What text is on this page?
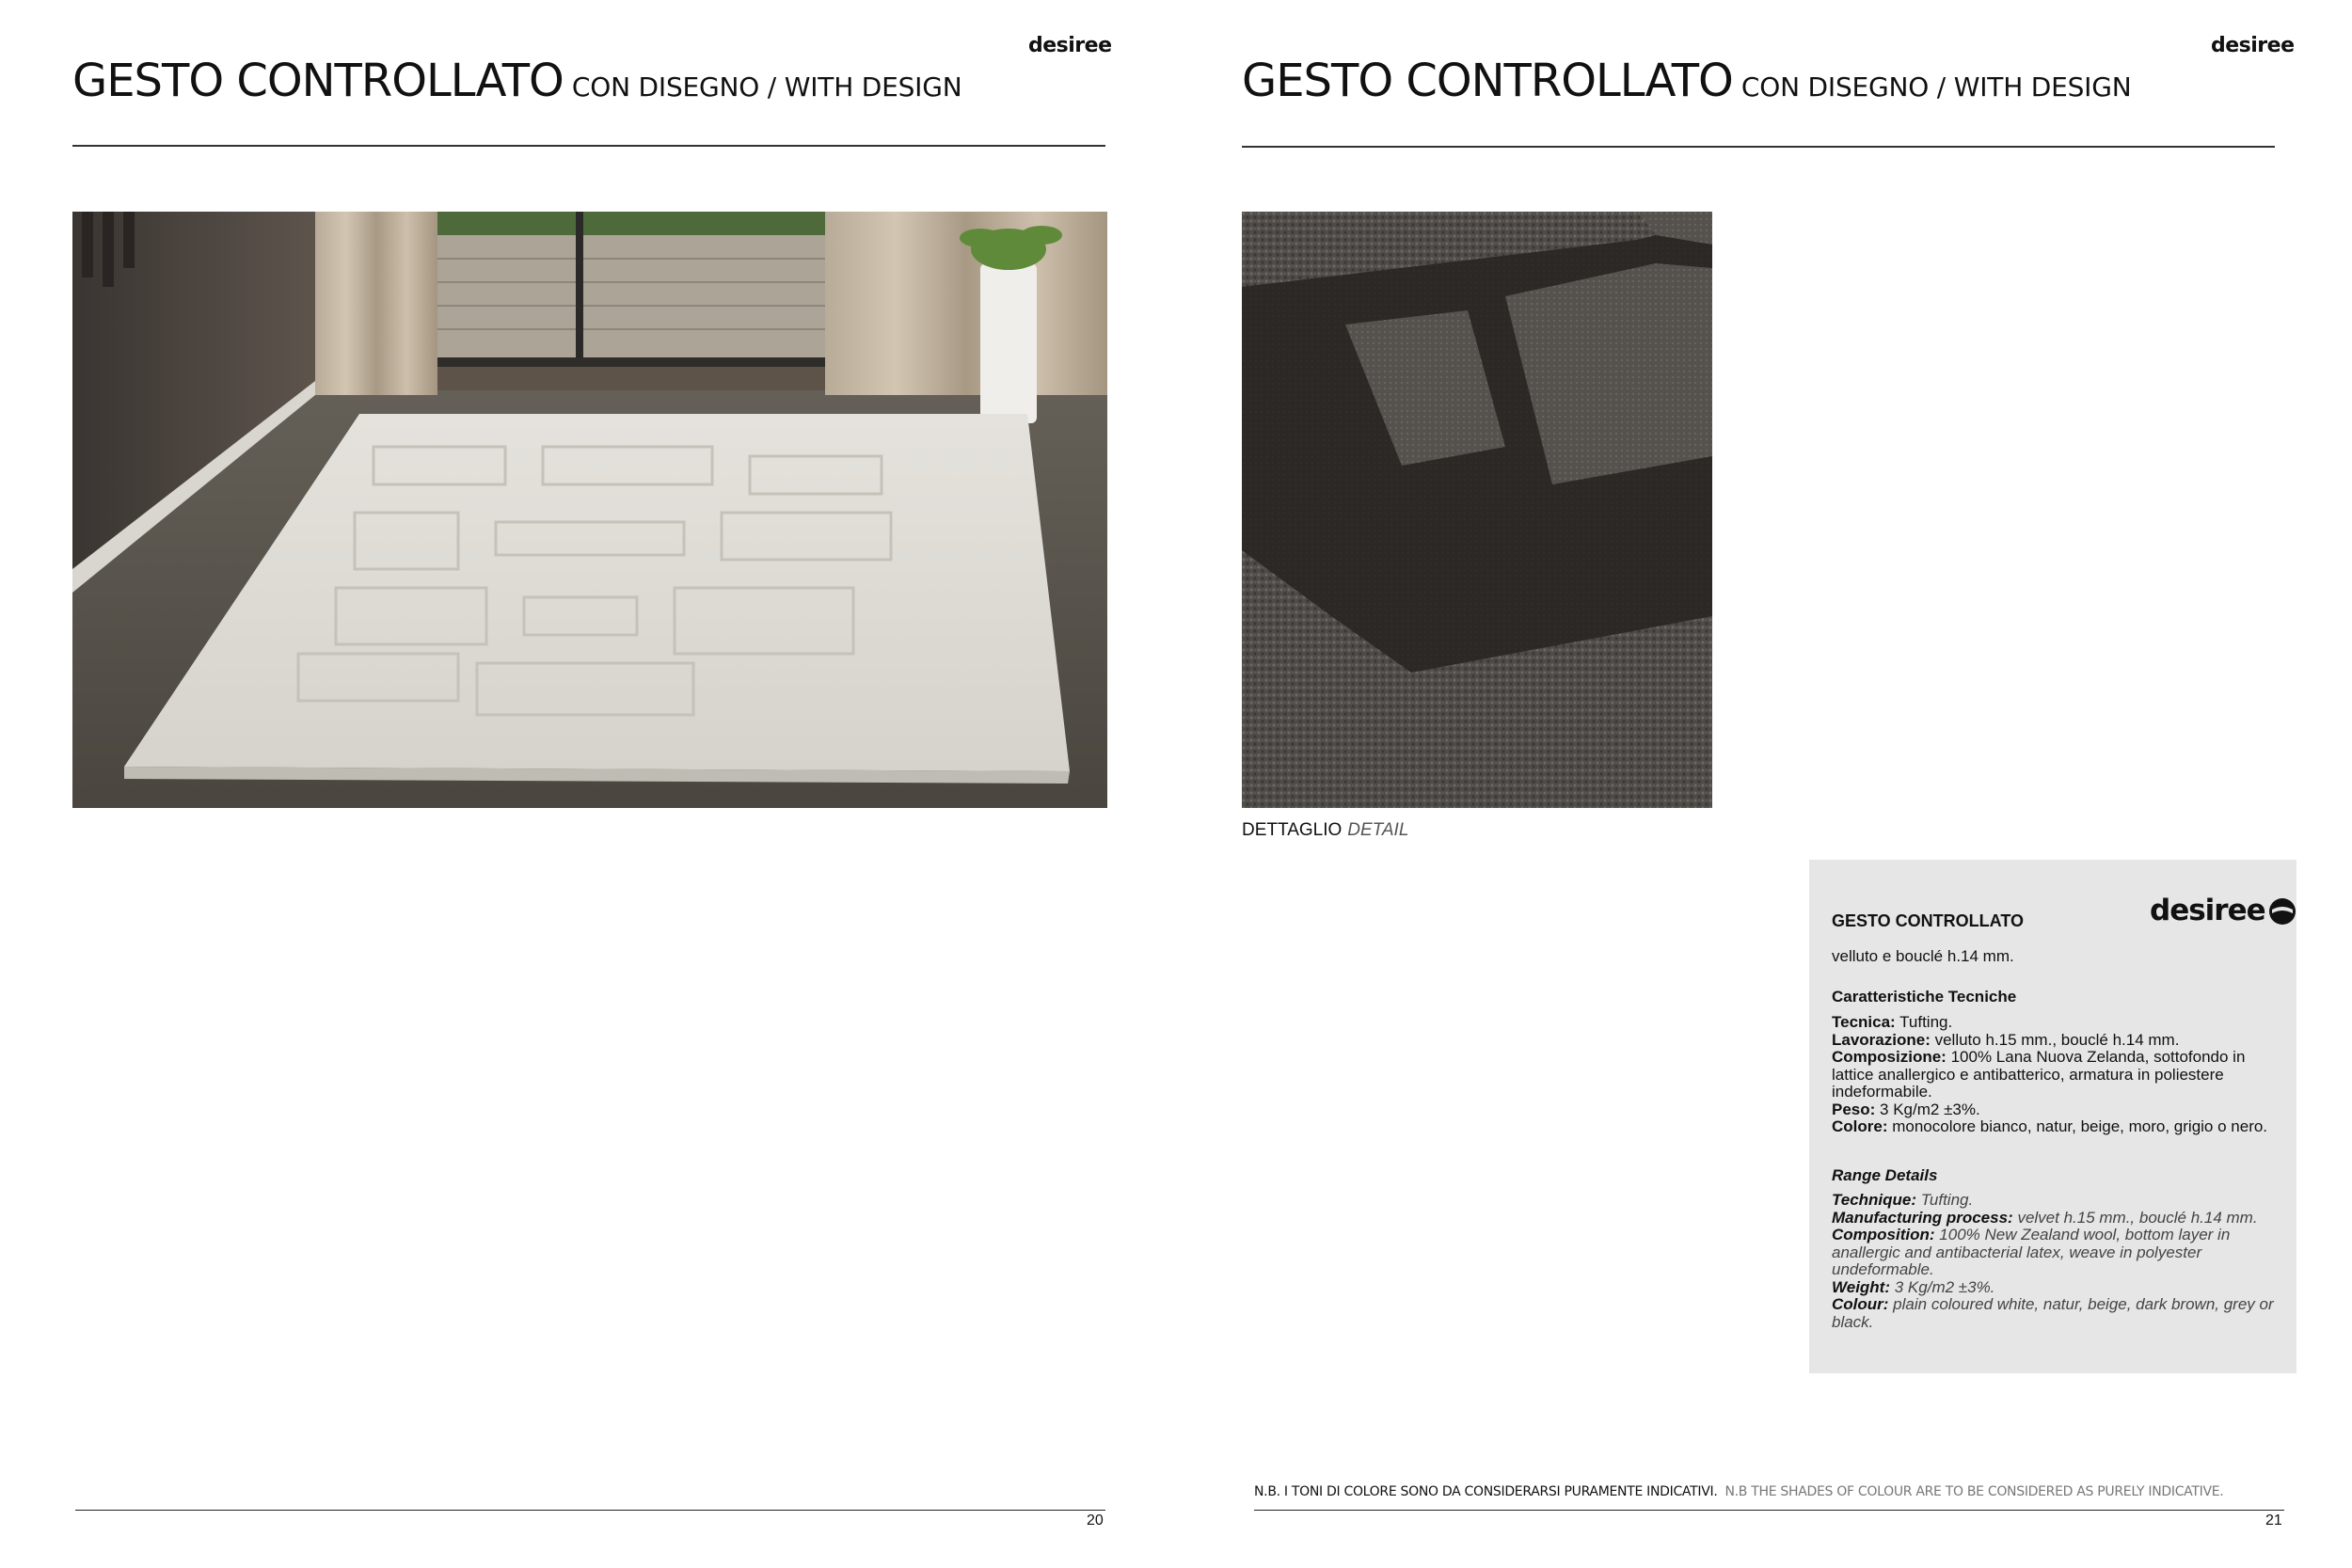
desiree
GESTO CONTROLLATO CON DISEGNO / WITH DESIGN
20
desiree
GESTO CONTROLLATO CON DISEGNO / WITH DESIGN
DETTAGLIO DETAIL
desiree
GESTO CONTROLLATO
velluto e bouclé h.14 mm.
Caratteristiche Tecniche

Tecnica: Tufting.

Lavorazione: velluto h.15 mm., bouclé h.14 mm.

Composizione: 100% Lana Nuova Zelanda, sottofondo in lattice anallergico e antibatterico, armatura in poliestere indeformabile.

Peso: 3 Kg/m2 ±3%.

Colore: monocolore bianco, natur, beige, moro, grigio o nero.

Range Details

Technique: Tufting.

Manufacturing process: velvet h.15 mm., bouclé h.14 mm.

Composition: 100% New Zealand wool, bottom layer in anallergic and antibacterial latex, weave in polyester undeformable.

Weight: 3 Kg/m2 ±3%.

Colour: plain coloured white, natur, beige, dark brown, grey or black.

N.B. I TONI DI COLORE SONO DA CONSIDERARSI PURAMENTE INDICATIVI. N.B THE SHADES OF COLOUR ARE TO BE CONSIDERED AS PURELY INDICATIVE.
21
